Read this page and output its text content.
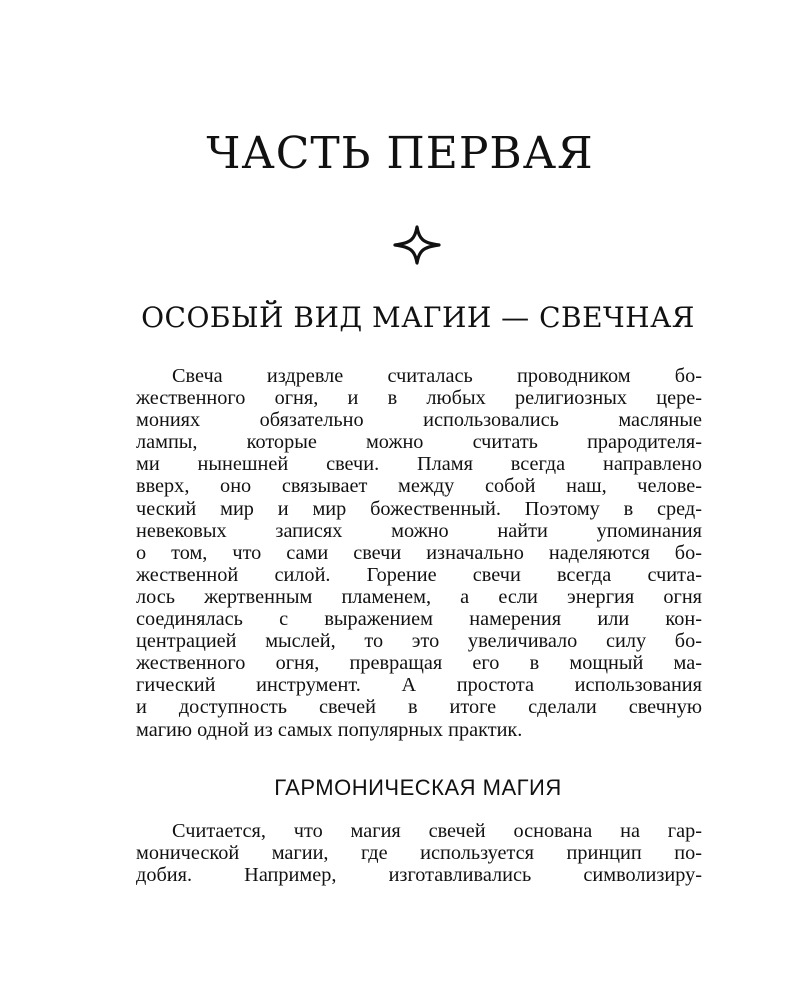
ЧАСТЬ ПЕРВАЯ
ОСОБЫЙ ВИД МАГИИ — СВЕЧНАЯ
Свеча издревле считалась проводником бо-
жественного огня, и в любых религиозных цере-
мониях обязательно использовались масляные
лампы, которые можно считать прародителя-
ми нынешней свечи. Пламя всегда направлено
вверх, оно связывает между собой наш, челове-
ческий мир и мир божественный. Поэтому в сред-
невековых записях можно найти упоминания
о том, что сами свечи изначально наделяются бо-
жественной силой. Горение свечи всегда счита-
лось жертвенным пламенем, а если энергия огня
соединялась с выражением намерения или кон-
центрацией мыслей, то это увеличивало силу бо-
жественного огня, превращая его в мощный ма-
гический инструмент. А простота использования
и доступность свечей в итоге сделали свечную
магию одной из самых популярных практик.
ГАРМОНИЧЕСКАЯ МАГИЯ
Считается, что магия свечей основана на гар-
монической магии, где используется принцип по-
добия. Например, изготавливались символизиру-
